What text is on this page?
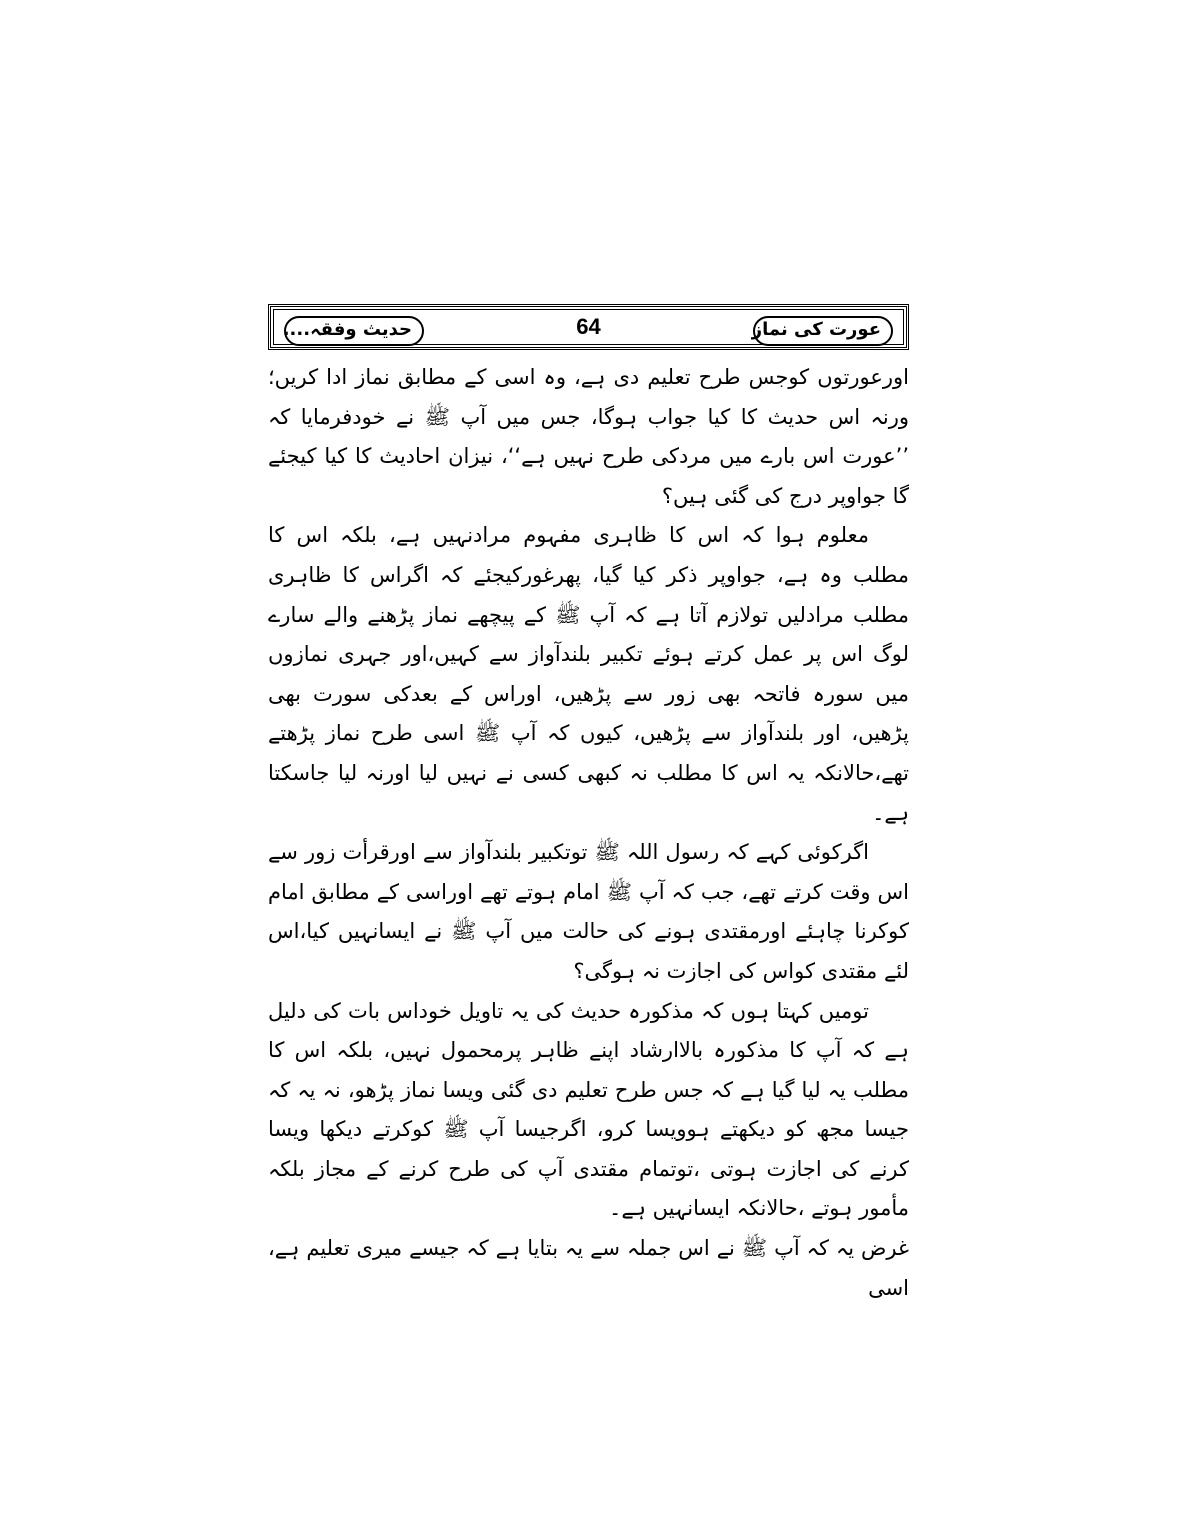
حدیث وفقہ....	64	عورت کی نماز

اورعورتوں کوجس طرح تعلیم دی ہے، وہ اسی کے مطابق نماز ادا کریں؛ ورنہ اس حدیث کا کیا جواب ہوگا، جس میں آپ ﷺ نے خودفرمایا کہ ’’عورت اس بارے میں مردکی طرح نہیں ہے‘‘، نیزان احادیث کا کیا کیجئے گا جواوپر درج کی گئی ہیں؟

معلوم ہوا کہ اس کا ظاہری مفہوم مرادنہیں ہے، بلکہ اس کا مطلب وہ ہے، جواوپر ذکر کیا گیا، پھرغورکیجئے کہ اگراس کا ظاہری مطلب مرادلیں تولازم آتا ہے کہ آپ ﷺ کے پیچھے نماز پڑھنے والے سارے لوگ اس پر عمل کرتے ہوئے تکبیر بلندآواز سے کہیں،اور جہری نمازوں میں سورہ فاتحہ بھی زور سے پڑھیں، اوراس کے بعدکی سورت بھی پڑھیں، اور بلندآواز سے پڑھیں، کیوں کہ آپ ﷺ اسی طرح نماز پڑھتے تھے،حالانکہ یہ اس کا مطلب نہ کبھی کسی نے نہیں لیا اورنہ لیا جاسکتا ہے۔

اگرکوئی کہے کہ رسول اللہ ﷺ توتکبیر بلندآواز سے اورقرأت زور سے اس وقت کرتے تھے، جب کہ آپ ﷺ امام ہوتے تھے اوراسی کے مطابق امام کوکرنا چاہئے اورمقتدی ہونے کی حالت میں آپ ﷺ نے ایسانہیں کیا،اس لئے مقتدی کواس کی اجازت نہ ہوگی؟

تومیں کہتا ہوں کہ مذکورہ حدیث کی یہ تاویل خوداس بات کی دلیل ہے کہ آپ کا مذکورہ بالاارشاد اپنے ظاہر پرمحمول نہیں، بلکہ اس کا مطلب یہ لیا گیا ہے کہ جس طرح تعلیم دی گئی ویسا نماز پڑھو، نہ یہ کہ جیسا مجھ کو دیکھتے ہوویسا کرو، اگرجیسا آپ ﷺ کوکرتے دیکھا ویسا کرنے کی اجازت ہوتی ،توتمام مقتدی آپ کی طرح کرنے کے مجاز بلکہ مأمور ہوتے ،حالانکہ ایسانہیں ہے۔

غرض یہ کہ آپ ﷺ نے اس جملہ سے یہ بتایا ہے کہ جیسے میری تعلیم ہے، اسی
